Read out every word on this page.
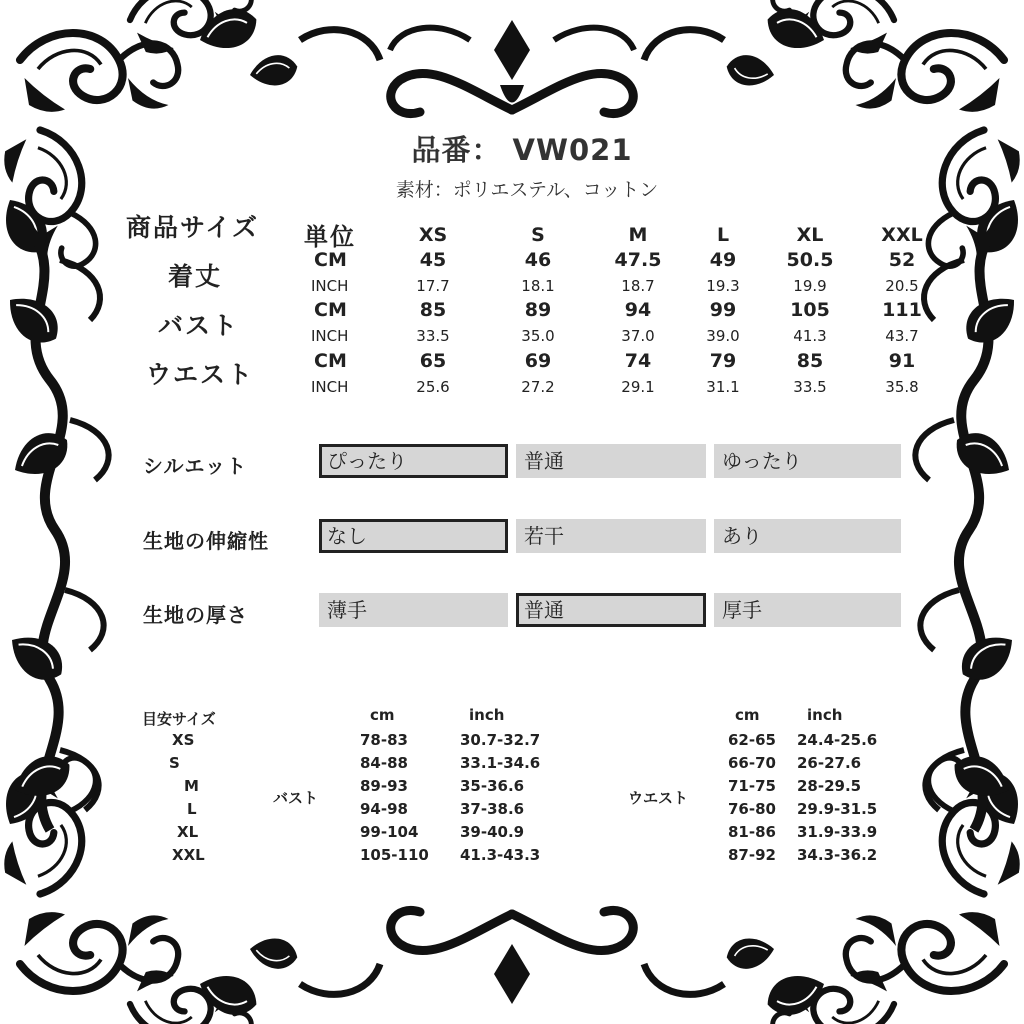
品番： VW021
素材：ポリエステル、コットン
商品サイズ
着丈
バスト
ウエスト
単位	XS	S	M	L	XL	XXL
CM	45	46	47.5	49	50.5	52
INCH	17.7	18.1	18.7	19.3	19.9	20.5
CM	85	89	94	99	105	111
INCH	33.5	35.0	37.0	39.0	41.3	43.7
CM	65	69	74	79	85	91
INCH	25.6	27.2	29.1	31.1	33.5	35.8
シルエット	ぴったり	普通	ゆったり
生地の伸縮性	なし	若干	あり
生地の厚さ	薄手	普通	厚手
目安サイズ
バスト	ウエスト
cm	inch	cm	inch
XS	78-83	30.7-32.7	62-65 24.4-25.6
S	84-88	33.1-34.6	66-70 26-27.6
M	89-93	35-36.6	71-75 28-29.5
L	94-98	37-38.6	76-80 29.9-31.5
XL	99-104	39-40.9	81-86 31.9-33.9
XXL	105-110 41.3-43.3	87-92 34.3-36.2
